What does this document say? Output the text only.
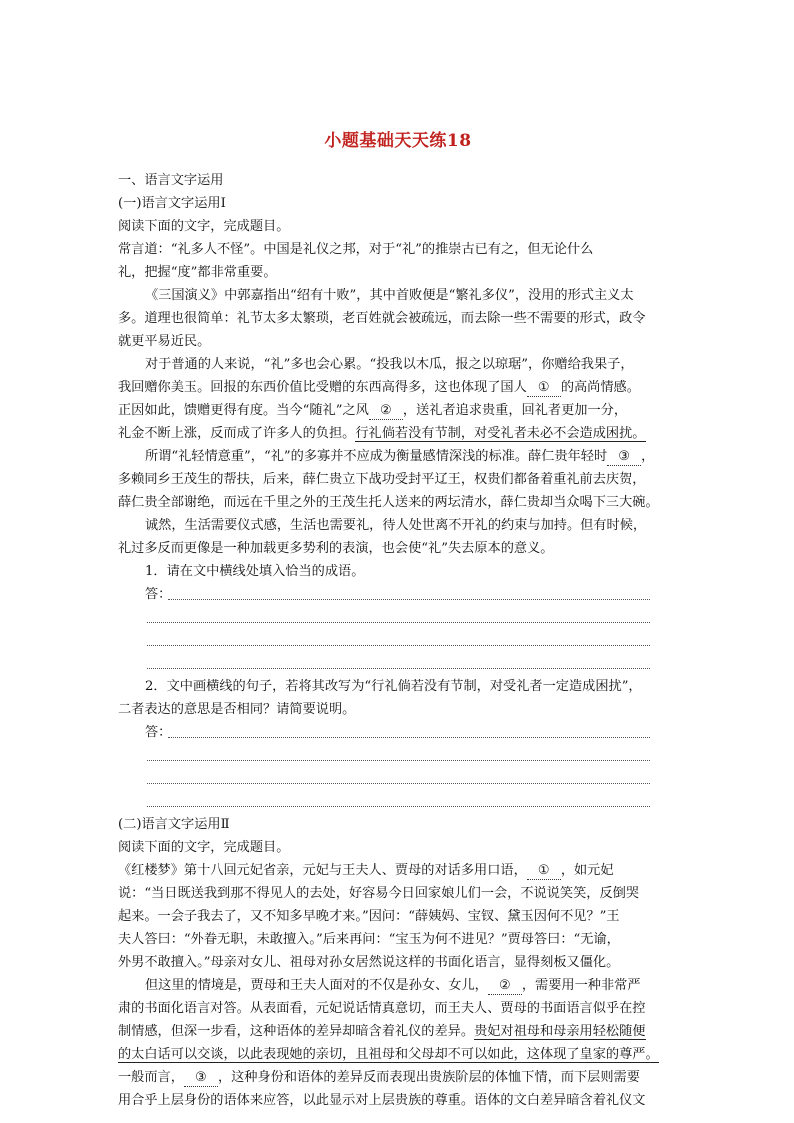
小题基础天天练18
一、语言文字运用
(一)语言文字运用Ⅰ
阅读下面的文字，完成题目。
常言道：“礼多人不怪”。中国是礼仪之邦，对于“礼”的推崇古已有之，但无论什么
礼，把握“度”都非常重要。
《三国演义》中郭嘉指出“绍有十败”，其中首败便是“繁礼多仪”，没用的形式主义太
多。道理也很简单：礼节太多太繁琐，老百姓就会被疏远，而去除一些不需要的形式，政令
就更平易近民。
对于普通的人来说，“礼”多也会心累。“投我以木瓜，报之以琼琚”，你赠给我果子，
我回赠你美玉。回报的东西价值比受赠的东西高得多，这也体现了国人 ① 的高尚情感。
正因如此，馈赠更得有度。当今“随礼”之风 ② ，送礼者追求贵重，回礼者更加一分，
礼金不断上涨，反而成了许多人的负担。行礼倘若没有节制，对受礼者未必不会造成困扰。
所谓“礼轻情意重”，“礼”的多寡并不应成为衡量感情深浅的标准。薛仁贵年轻时 ③ ，
多赖同乡王茂生的帮扶，后来，薛仁贵立下战功受封平辽王，权贵们都备着重礼前去庆贺，
薛仁贵全部谢绝，而远在千里之外的王茂生托人送来的两坛清水，薛仁贵却当众喝下三大碗。
诚然，生活需要仪式感，生活也需要礼，待人处世离不开礼的约束与加持。但有时候，
礼过多反而更像是一种加载更多势利的表演，也会使“礼”失去原本的意义。
1．请在文中横线处填入恰当的成语。
答：
2．文中画横线的句子，若将其改写为“行礼倘若没有节制，对受礼者一定造成困扰”，
二者表达的意思是否相同？请简要说明。
答：
(二)语言文字运用Ⅱ
阅读下面的文字，完成题目。
《红楼梦》第十八回元妃省亲，元妃与王夫人、贾母的对话多用口语， ① ，如元妃
说：“当日既送我到那不得见人的去处，好容易今日回家娘儿们一会，不说说笑笑，反倒哭
起来。一会子我去了，又不知多早晚才来。”因问：“薛姨妈、宝钗、黛玉因何不见？”王
夫人答曰：“外眷无职，未敢擅入。”后来再问：“宝玉为何不进见？”贾母答曰：“无谕，
外男不敢擅入。”母亲对女儿、祖母对孙女居然说这样的书面化语言，显得刻板又僵化。
但这里的情境是，贾母和王夫人面对的不仅是孙女、女儿， ② ，需要用一种非常严
肃的书面化语言对答。从表面看，元妃说话情真意切，而王夫人、贾母的书面语言似乎在控
制情感，但深一步看，这种语体的差异却暗含着礼仪的差异。贵妃对祖母和母亲用轻松随便
的太白话可以交谈，以此表现她的亲切，且祖母和父母却不可以如此，这体现了皇家的尊严。
一般而言， ③ ，这种身份和语体的差异反而表现出贵族阶层的体恤下情，而下层则需要
用合乎上层身份的语体来应答，以此显示对上层贵族的尊重。语体的文白差异暗含着礼仪文
